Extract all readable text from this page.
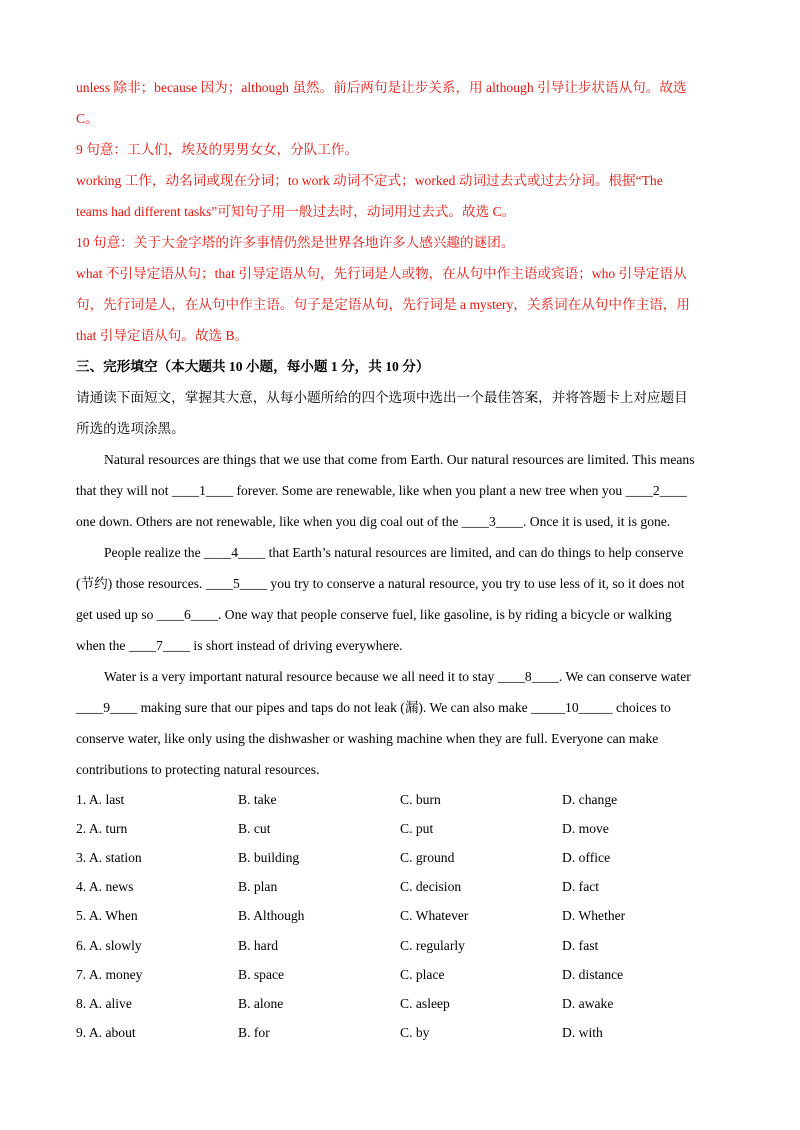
unless 除非；because 因为；although 虽然。前后两句是让步关系，用 although 引导让步状语从句。故选
C。
9 句意：工人们，埃及的男男女女，分队工作。
working 工作，动名词或现在分词；to work 动词不定式；worked 动词过去式或过去分词。根据“The
teams had different tasks”可知句子用一般过去时，动词用过去式。故选 C。
10 句意：关于大金字塔的许多事情仍然是世界各地许多人感兴趣的谜团。
what 不引导定语从句；that 引导定语从句，先行词是人或物，在从句中作主语或宾语；who 引导定语从
句，先行词是人，在从句中作主语。句子是定语从句，先行词是 a mystery，关系词在从句中作主语，用
that 引导定语从句。故选 B。
三、完形填空（本大题共 10 小题，每小题 1 分，共 10 分）
请通读下面短文，掌握其大意，从每小题所给的四个选项中选出一个最佳答案，并将答题卡上对应题目
所选的选项涂黑。
Natural resources are things that we use that come from Earth. Our natural resources are limited. This means
that they will not ____1____ forever. Some are renewable, like when you plant a new tree when you ____2____
one down. Others are not renewable, like when you dig coal out of the ____3____. Once it is used, it is gone.
People realize the ____4____ that Earth’s natural resources are limited, and can do things to help conserve
(节约) those resources. ____5____ you try to conserve a natural resource, you try to use less of it, so it does not
get used up so ____6____. One way that people conserve fuel, like gasoline, is by riding a bicycle or walking
when the ____7____ is short instead of driving everywhere.
Water is a very important natural resource because we all need it to stay ____8____. We can conserve water
____9____ making sure that our pipes and taps do not leak (漏). We can also make _____10_____ choices to
conserve water, like only using the dishwasher or washing machine when they are full. Everyone can make
contributions to protecting natural resources.
1. A. last	B. take	C. burn	D. change
2. A. turn	B. cut	C. put	D. move
3. A. station	B. building	C. ground	D. office
4. A. news	B. plan	C. decision	D. fact
5. A. When	B. Although	C. Whatever	D. Whether
6. A. slowly	B. hard	C. regularly	D. fast
7. A. money	B. space	C. place	D. distance
8. A. alive	B. alone	C. asleep	D. awake
9. A. about	B. for	C. by	D. with
